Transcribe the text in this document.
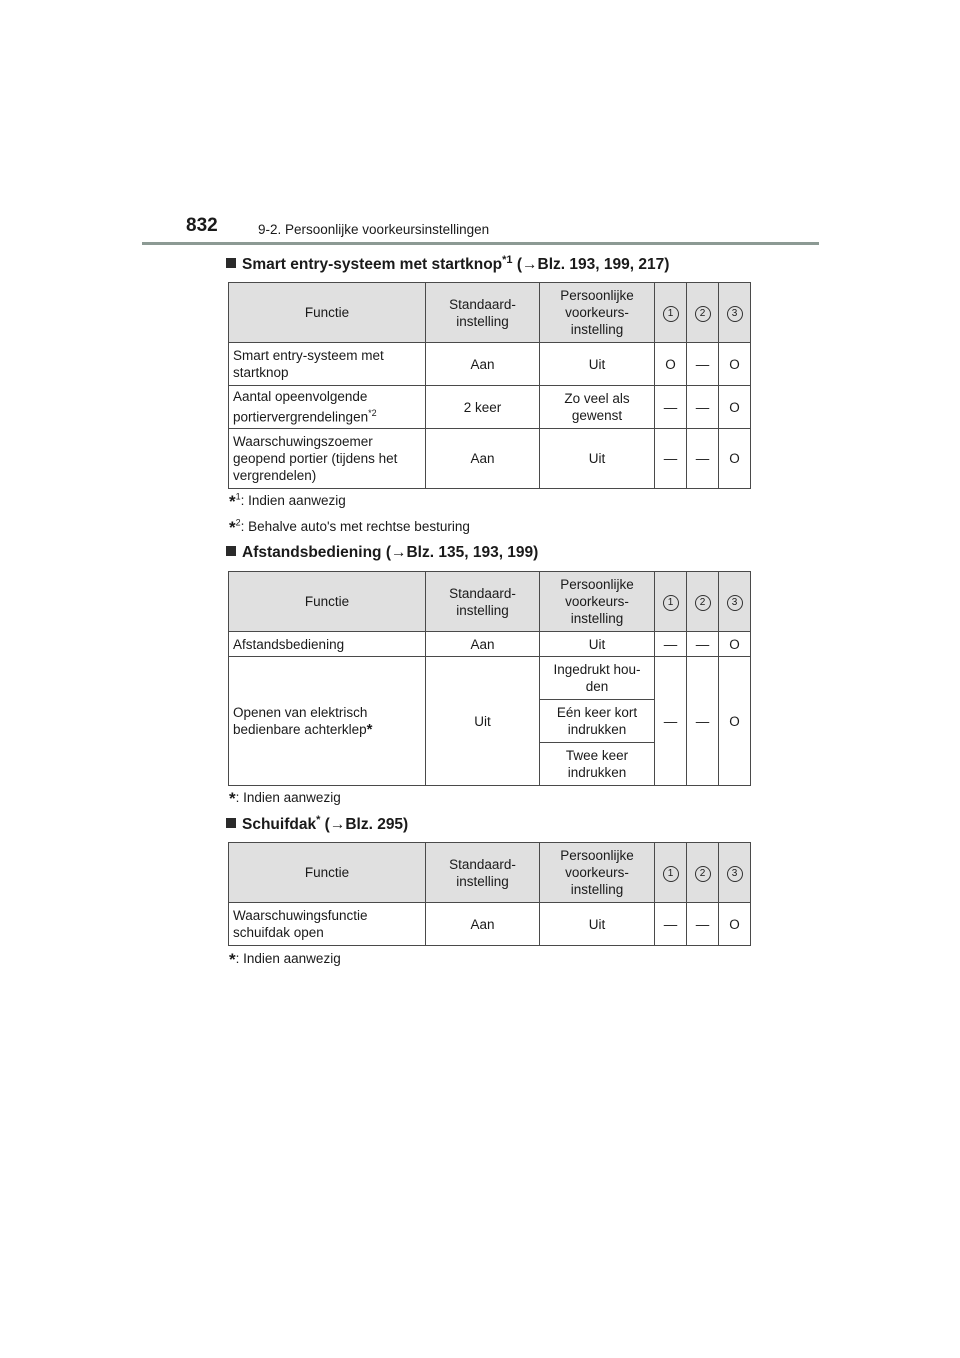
832	9-2. Persoonlijke voorkeursinstellingen
Smart entry-systeem met startknop$^{*1}$ (→Blz. 193, 199, 217)
Functie	Standaard-instelling	Persoonlijke voorkeurs-instelling	1	2	3
Smart entry-systeem met startknop	Aan	Uit	O	—	O
Aantal opeenvolgende portiervergrendelingen$^{*2}$	2 keer	Zo veel als gewenst	—	—	O
Waarschuwingszoemer geopend portier (tijdens het vergrendelen)	Aan	Uit	—	—	O
*$^1$: Indien aanwezig
*$^2$: Behalve auto's met rechtse besturing
Afstandsbediening (→Blz. 135, 193, 199)
Functie	Standaard-instelling	Persoonlijke voorkeurs-instelling	1	2	3
Afstandsbediening	Aan	Uit	—	—	O
Openen van elektrisch bedienbare achterklep*	Uit	Ingedrukt hou-den	—	—	O
		Eén keer kort indrukken			
		Twee keer indrukken			
*: Indien aanwezig
Schuifdak* (→Blz. 295)
Functie	Standaard-instelling	Persoonlijke voorkeurs-instelling	1	2	3
Waarschuwingsfunctie schuifdak open	Aan	Uit	—	—	O
*: Indien aanwezig
